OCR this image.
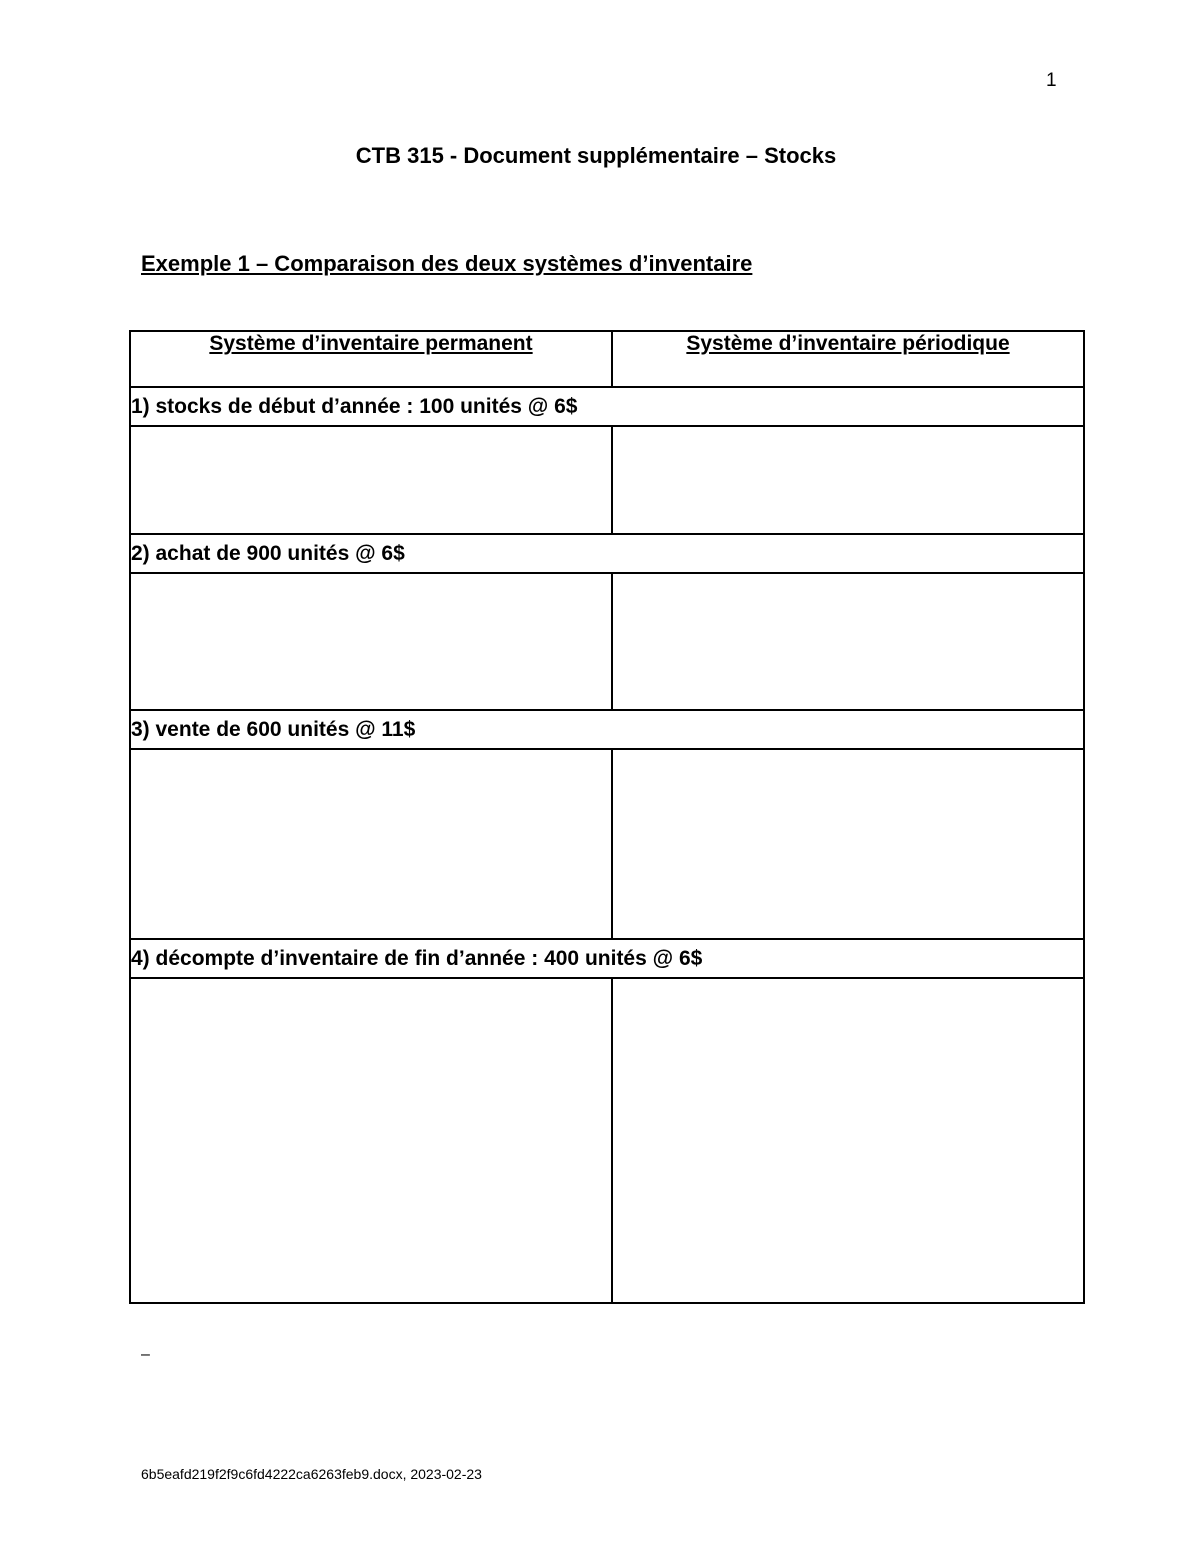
1
CTB 315 - Document supplémentaire – Stocks
Exemple 1 – Comparaison des deux systèmes d’inventaire
Système d’inventaire permanent	Système d’inventaire périodique
1) stocks de début d’année : 100 unités @ 6$	

2) achat de 900 unités @ 6$	

3) vente de 600 unités @ 11$	

4) décompte d’inventaire de fin d’année : 400 unités @ 6$	

–
6b5eafd219f2f9c6fd4222ca6263feb9.docx, 2023-02-23
